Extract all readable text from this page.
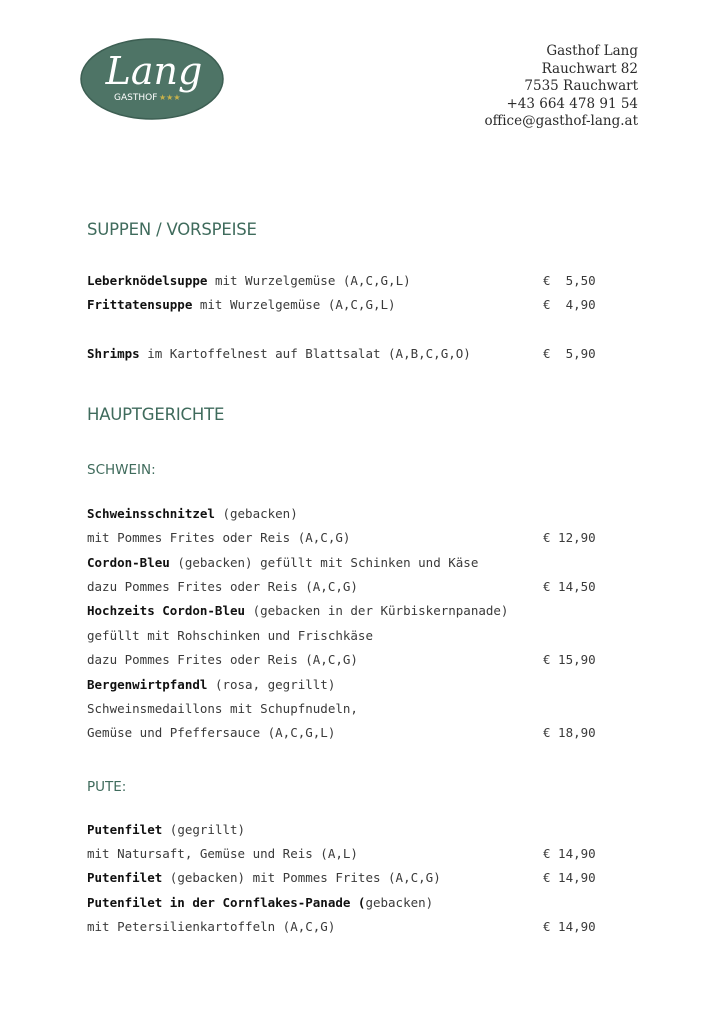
Lang
GASTHOF ★★★
Gasthof Lang
Rauchwart 82
7535 Rauchwart
+43 664 478 91 54
office@gasthof-lang.at
SUPPEN / VORSPEISE
Leberknödelsuppe mit Wurzelgemüse (A,C,G,L)	€  5,50
Frittatensuppe mit Wurzelgemüse (A,C,G,L)	€  4,90
Shrimps im Kartoffelnest auf Blattsalat (A,B,C,G,O)	€  5,90
HAUPTGERICHTE
SCHWEIN:
Schweinsschnitzel (gebacken)
mit Pommes Frites oder Reis (A,C,G)	€ 12,90
Cordon-Bleu (gebacken) gefüllt mit Schinken und Käse
dazu Pommes Frites oder Reis (A,C,G)	€ 14,50
Hochzeits Cordon-Bleu (gebacken in der Kürbiskernpanade)
gefüllt mit Rohschinken und Frischkäse
dazu Pommes Frites oder Reis (A,C,G)	€ 15,90
Bergenwirtpfandl (rosa, gegrillt)
Schweinsmedaillons mit Schupfnudeln,
Gemüse und Pfeffersauce (A,C,G,L)	€ 18,90
PUTE:
Putenfilet (gegrillt)
mit Natursaft, Gemüse und Reis (A,L)	€ 14,90
Putenfilet (gebacken) mit Pommes Frites (A,C,G)	€ 14,90
Putenfilet in der Cornflakes-Panade (gebacken)
mit Petersilienkartoffeln (A,C,G)	€ 14,90
